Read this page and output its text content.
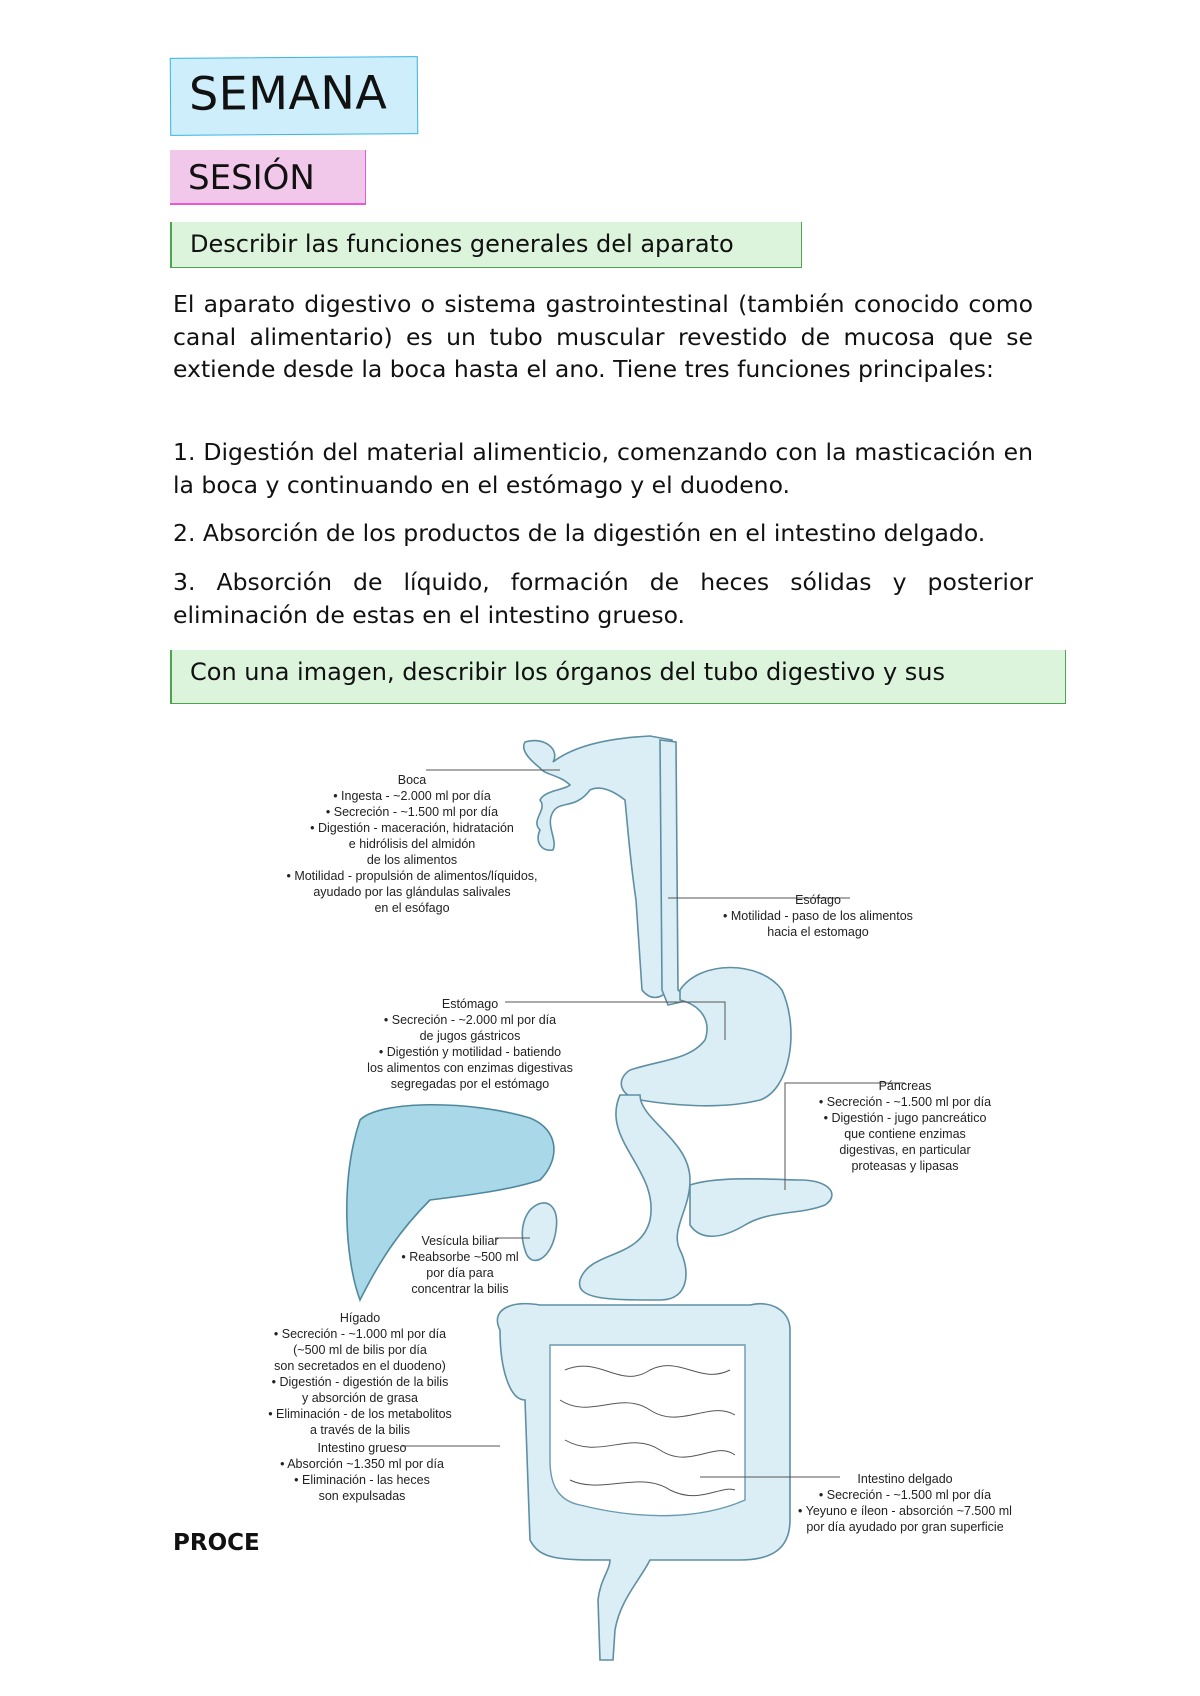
SEMANA
SESIÓN
Describir las funciones generales del aparato

El aparato digestivo o sistema gastrointestinal (también conocido como canal alimentario) es un tubo muscular revestido de mucosa que se extiende desde la boca hasta el ano. Tiene tres funciones principales:

1. Digestión del material alimenticio, comenzando con la masticación en la boca y continuando en el estómago y el duodeno.

2. Absorción de los productos de la digestión en el intestino delgado.

3. Absorción de líquido, formación de heces sólidas y posterior eliminación de estas en el intestino grueso.

Con una imagen, describir los órganos del tubo digestivo y sus
Boca
• Ingesta - ~2.000 ml por día
• Secreción - ~1.500 ml por día
• Digestión - maceración, hidratación
e hidrólisis del almidón
de los alimentos
• Motilidad - propulsión de alimentos/líquidos,
ayudado por las glándulas salivales
en el esófago
Esófago
• Motilidad - paso de los alimentos
hacia el estomago
Estómago
• Secreción - ~2.000 ml por día
de jugos gástricos
• Digestión y motilidad - batiendo
los alimentos con enzimas digestivas
segregadas por el estómago	Páncreas
• Secreción - ~1.500 ml por día
• Digestión - jugo pancreático
que contiene enzimas
digestivas, en particular
proteasas y lipasas
Vesícula biliar
• Reabsorbe ~500 ml
por día para
concentrar la bilis
Hígado
• Secreción - ~1.000 ml por día
(~500 ml de bilis por día
son secretados en el duodeno)
• Digestión - digestión de la bilis
y absorción de grasa
• Eliminación - de los metabolitos
a través de la bilis
Intestino grueso
• Absorción ~1.350 ml por día
• Eliminación - las heces
son expulsadas
Intestino delgado
• Secreción - ~1.500 ml por día
• Yeyuno e íleon - absorción ~7.500 ml
por día ayudado por gran superficie
PROCE
